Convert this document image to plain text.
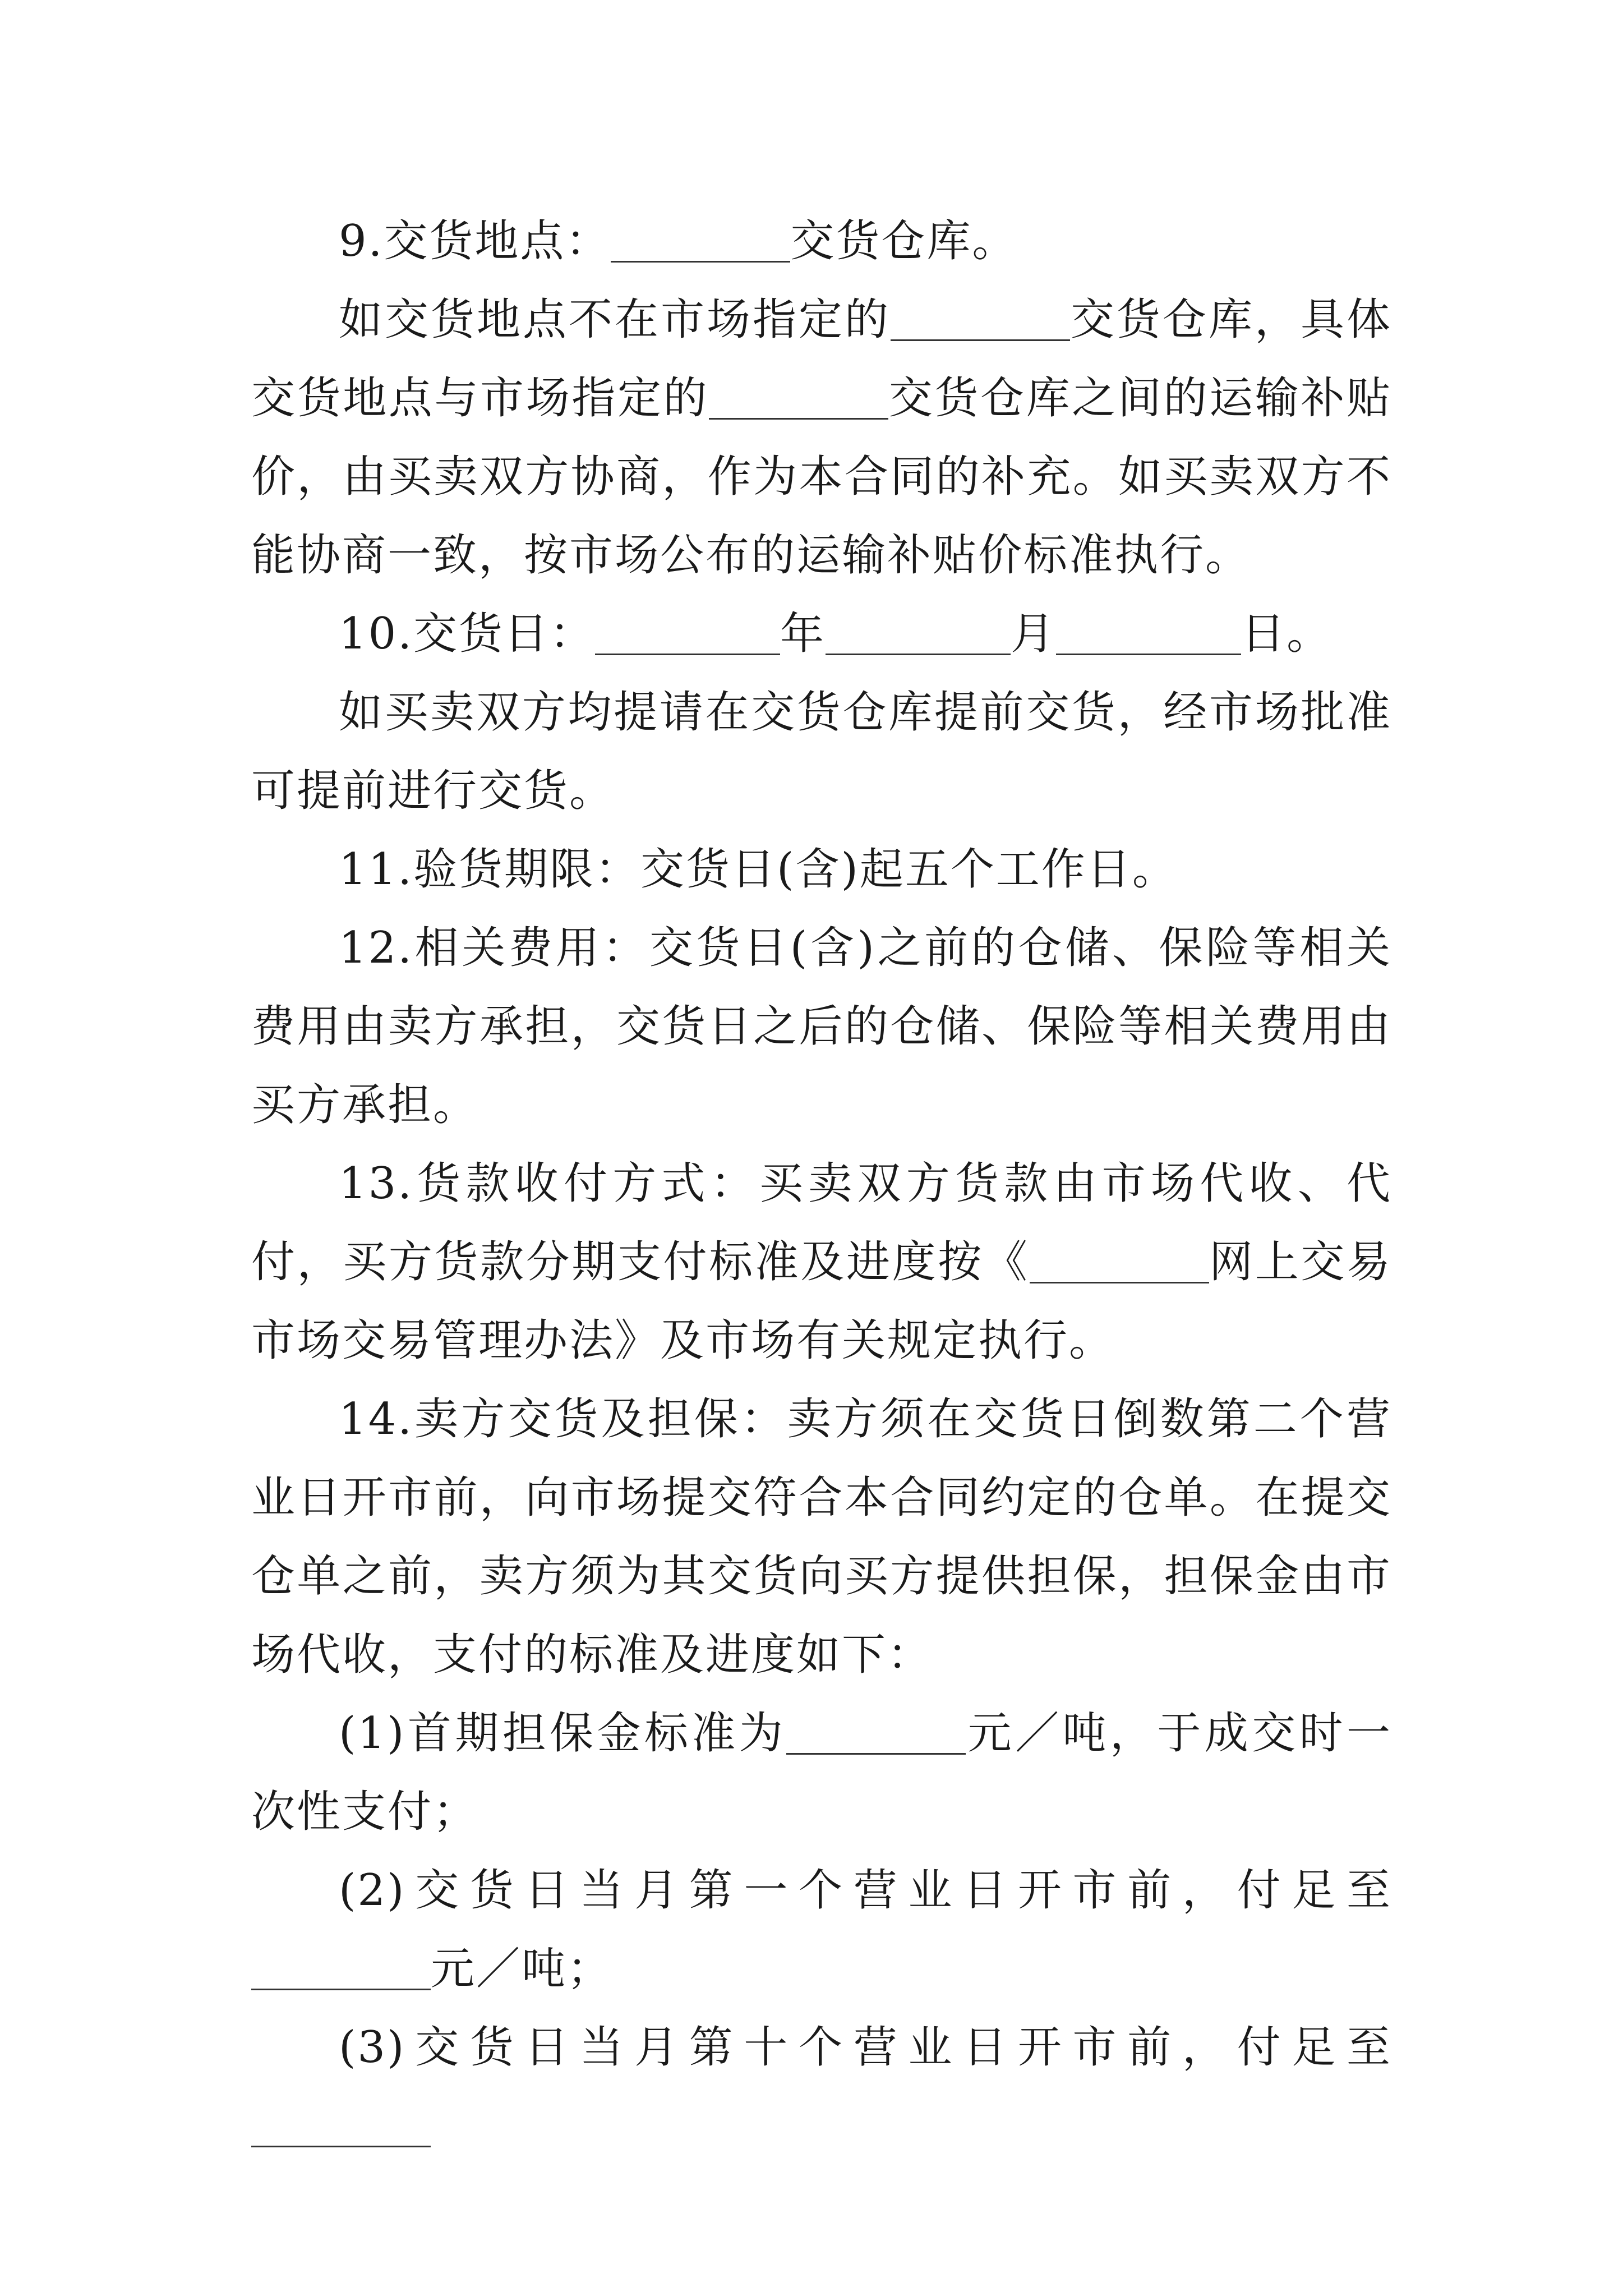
9.交货地点：	交货仓库。

如交货地点不在市场指定的	交货仓库，具体交货地点与市场指定的	交货仓库之间的运输补贴价，由买卖双方协商，作为本合同的补充。如买卖双方不能协商一致，按市场公布的运输补贴价标准执行。

10.交货日：	年	月	日。

如买卖双方均提请在交货仓库提前交货，经市场批准可提前进行交货。

11.验货期限：交货日(含)起五个工作日。

12.相关费用：交货日(含)之前的仓储、保险等相关费用由卖方承担，交货日之后的仓储、保险等相关费用由买方承担。

13.货款收付方式：买卖双方货款由市场代收、代付，买方货款分期支付标准及进度按《	网上交易市场交易管理办法》及市场有关规定执行。

14.卖方交货及担保：卖方须在交货日倒数第二个营业日开市前，向市场提交符合本合同约定的仓单。在提交仓单之前，卖方须为其交货向买方提供担保，担保金由市场代收，支付的标准及进度如下：

(1)首期担保金标准为	元／吨，于成交时一次性支付；

(2)交货日当月第一个营业日开市前，付足至元／吨；

(3)交货日当月第十个营业日开市前，付足至
